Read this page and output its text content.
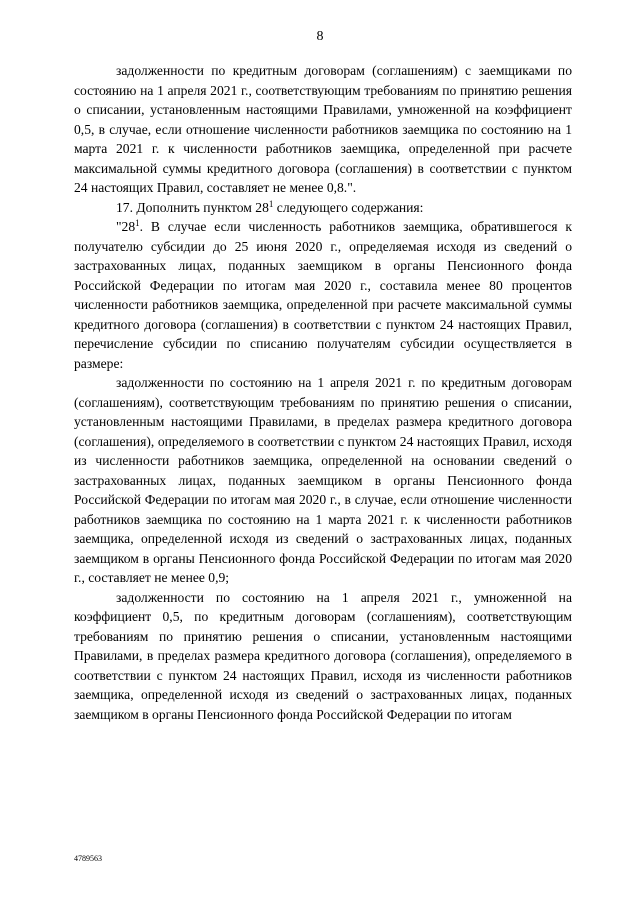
8

задолженности по кредитным договорам (соглашениям) с заемщиками по состоянию на 1 апреля 2021 г., соответствующим требованиям по принятию решения о списании, установленным настоящими Правилами, умноженной на коэффициент 0,5, в случае, если отношение численности работников заемщика по состоянию на 1 марта 2021 г. к численности работников заемщика, определенной при расчете максимальной суммы кредитного договора (соглашения) в соответствии с пунктом 24 настоящих Правил, составляет не менее 0,8.".

17. Дополнить пунктом $28^1$ следующего содержания:

"$28^1$. В случае если численность работников заемщика, обратившегося к получателю субсидии до 25 июня 2020 г., определяемая исходя из сведений о застрахованных лицах, поданных заемщиком в органы Пенсионного фонда Российской Федерации по итогам мая 2020 г., составила менее 80 процентов численности работников заемщика, определенной при расчете максимальной суммы кредитного договора (соглашения) в соответствии с пунктом 24 настоящих Правил, перечисление субсидии по списанию получателям субсидии осуществляется в размере:

задолженности по состоянию на 1 апреля 2021 г. по кредитным договорам (соглашениям), соответствующим требованиям по принятию решения о списании, установленным настоящими Правилами, в пределах размера кредитного договора (соглашения), определяемого в соответствии с пунктом 24 настоящих Правил, исходя из численности работников заемщика, определенной на основании сведений о застрахованных лицах, поданных заемщиком в органы Пенсионного фонда Российской Федерации по итогам мая 2020 г., в случае, если отношение численности работников заемщика по состоянию на 1 марта 2021 г. к численности работников заемщика, определенной исходя из сведений о застрахованных лицах, поданных заемщиком в органы Пенсионного фонда Российской Федерации по итогам мая 2020 г., составляет не менее 0,9;

задолженности по состоянию на 1 апреля 2021 г., умноженной на коэффициент 0,5, по кредитным договорам (соглашениям), соответствующим требованиям по принятию решения о списании, установленным настоящими Правилами, в пределах размера кредитного договора (соглашения), определяемого в соответствии с пунктом 24 настоящих Правил, исходя из численности работников заемщика, определенной исходя из сведений о застрахованных лицах, поданных заемщиком в органы Пенсионного фонда Российской Федерации по итогам

4789563
